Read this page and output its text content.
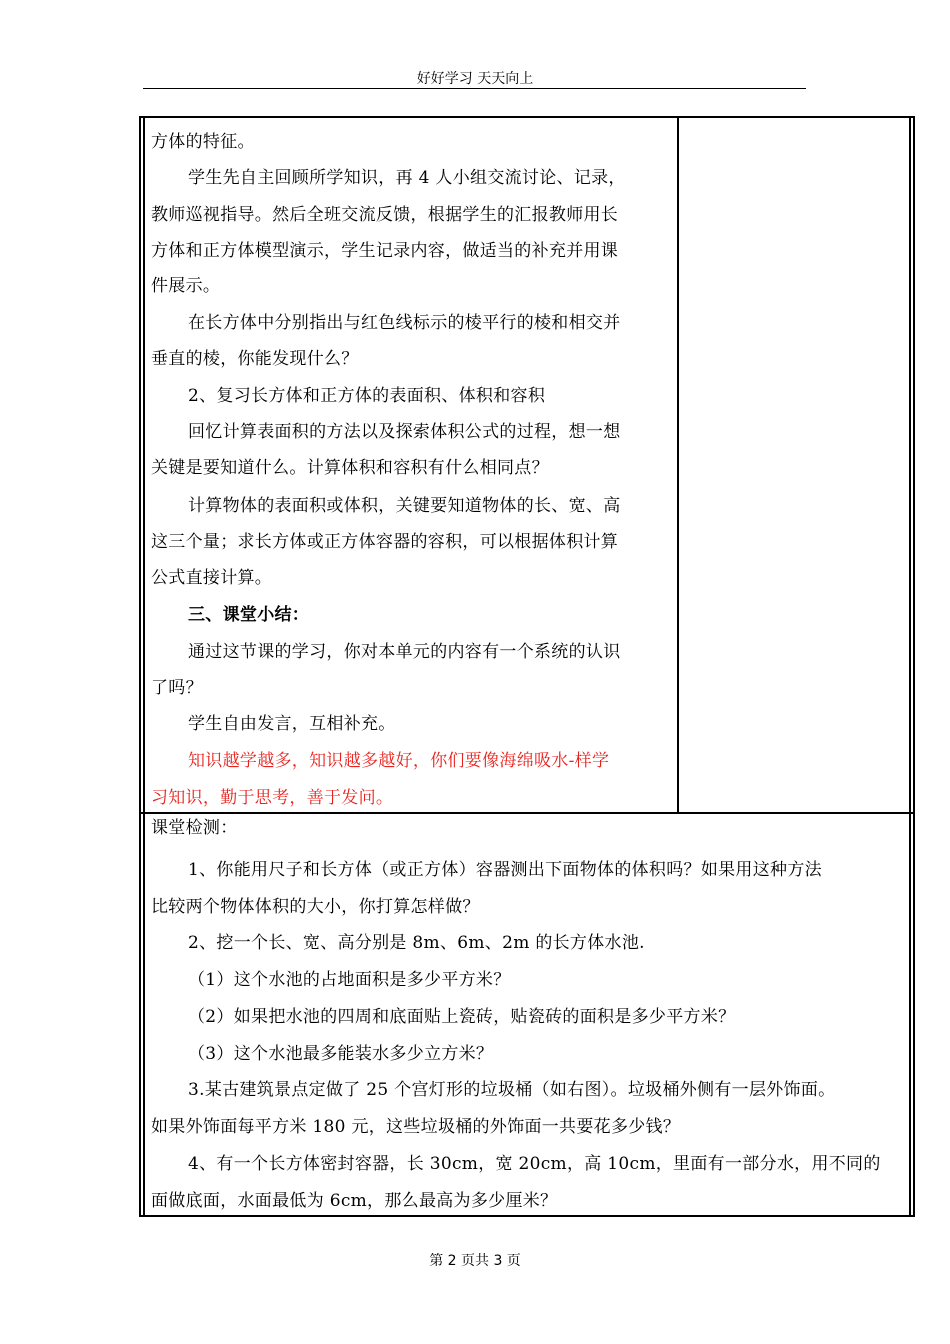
好好学习 天天向上
方体的特征。
学生先自主回顾所学知识，再 4 人小组交流讨论、记录，
教师巡视指导。然后全班交流反馈，根据学生的汇报教师用长
方体和正方体模型演示，学生记录内容，做适当的补充并用课
件展示。
在长方体中分别指出与红色线标示的棱平行的棱和相交并
垂直的棱，你能发现什么？
2、复习长方体和正方体的表面积、体积和容积
回忆计算表面积的方法以及探索体积公式的过程，想一想
关键是要知道什么。计算体积和容积有什么相同点？
计算物体的表面积或体积，关键要知道物体的长、宽、高
这三个量；求长方体或正方体容器的容积，可以根据体积计算
公式直接计算。
三、课堂小结：
通过这节课的学习，你对本单元的内容有一个系统的认识
了吗？
学生自由发言，互相补充。
知识越学越多，知识越多越好，你们要像海绵吸水-样学
习知识，勤于思考，善于发问。
课堂检测：
1、你能用尺子和长方体（或正方体）容器测出下面物体的体积吗？如果用这种方法
比较两个物体体积的大小，你打算怎样做？
2、挖一个长、宽、高分别是 8m、6m、2m 的长方体水池.
（1）这个水池的占地面积是多少平方米？
（2）如果把水池的四周和底面贴上瓷砖，贴瓷砖的面积是多少平方米？
（3）这个水池最多能装水多少立方米？
3.某古建筑景点定做了 25 个宫灯形的垃圾桶（如右图）。垃圾桶外侧有一层外饰面。
如果外饰面每平方米 180 元，这些垃圾桶的外饰面一共要花多少钱？
4、有一个长方体密封容器，长 30cm，宽 20cm，高 10cm，里面有一部分水，用不同的
面做底面，水面最低为 6cm，那么最高为多少厘米？
第 2 页共 3 页
